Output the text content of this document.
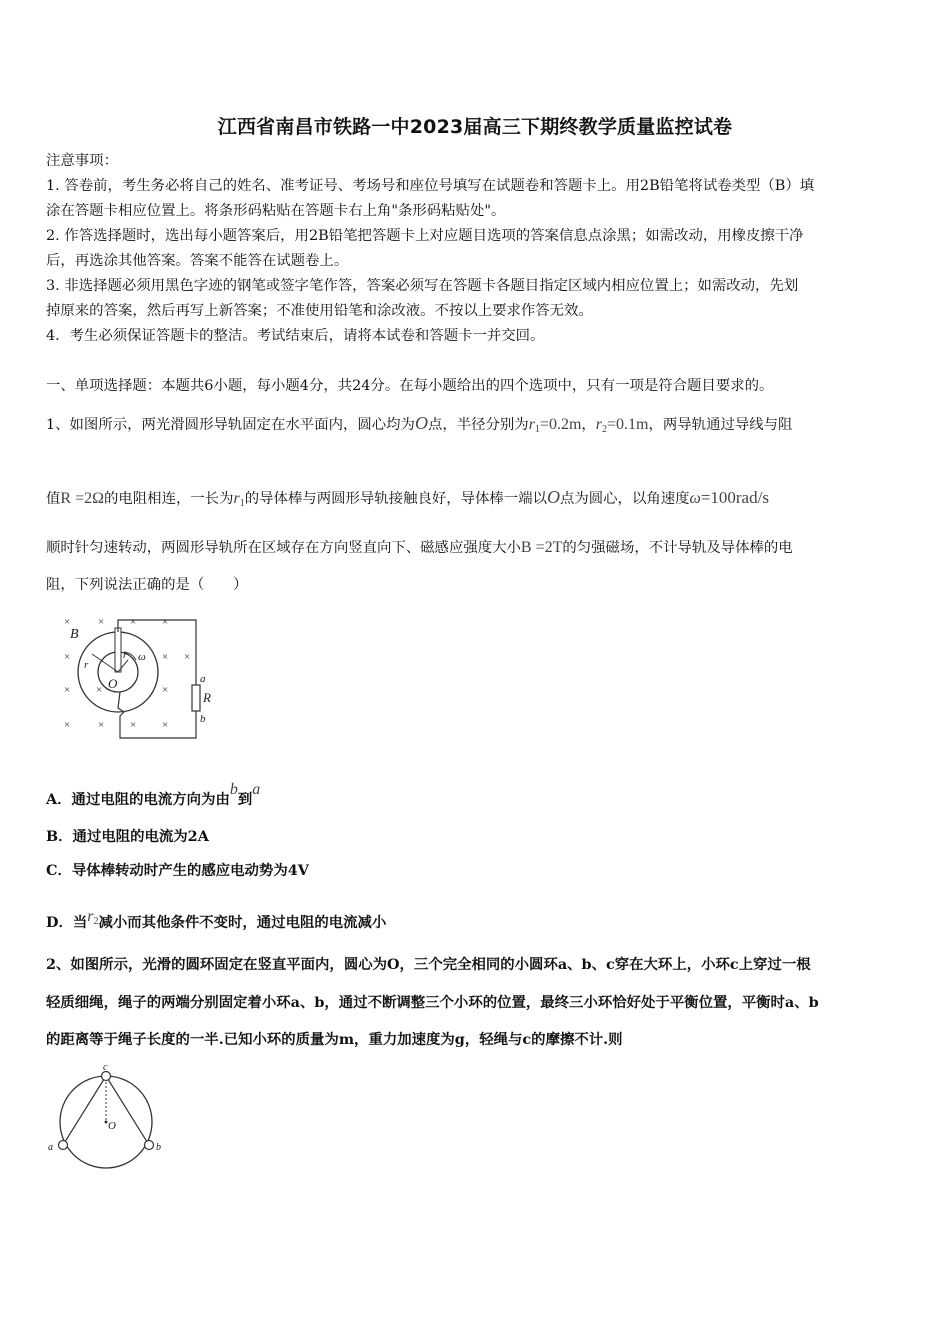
江西省南昌市铁路一中2023届高三下期终教学质量监控试卷
注意事项：
1. 答卷前，考生务必将自己的姓名、准考证号、考场号和座位号填写在试题卷和答题卡上。用2B铅笔将试卷类型（B）填
涂在答题卡相应位置上。将条形码粘贴在答题卡右上角"条形码粘贴处"。
2. 作答选择题时，选出每小题答案后，用2B铅笔把答题卡上对应题目选项的答案信息点涂黑；如需改动，用橡皮擦干净
后，再选涂其他答案。答案不能答在试题卷上。
3. 非选择题必须用黑色字迹的钢笔或签字笔作答，答案必须写在答题卡各题目指定区域内相应位置上；如需改动，先划
掉原来的答案，然后再写上新答案；不准使用铅笔和涂改液。不按以上要求作答无效。
4．考生必须保证答题卡的整洁。考试结束后，请将本试卷和答题卡一并交回。
一、单项选择题：本题共6小题，每小题4分，共24分。在每小题给出的四个选项中，只有一项是符合题目要求的。
1、如图所示，两光滑圆形导轨固定在水平面内，圆心均为O点，半径分别为$r_1=0.2m$，$r_2=0.1m$，两导轨通过导线与阻
值R =2Ω的电阻相连，一长为$r_1$的导体棒与两圆形导轨接触良好，导体棒一端以O点为圆心，以角速度ω=100rad/s
顺时针匀速转动，两圆形导轨所在区域存在方向竖直向下、磁感应强度大小B =2T的匀强磁场，不计导轨及导体棒的电
阻，下列说法正确的是（　　）
×	× × ×
×	× ×
× ×	×
×	× × ×
B
r
r ω
O	a
R
b
A．通过电阻的电流方向为由b到a
B．通过电阻的电流为2A
C．导体棒转动时产生的感应电动势为4V
D．当$r_2$减小而其他条件不变时，通过电阻的电流减小
2、如图所示，光滑的圆环固定在竖直平面内，圆心为O，三个完全相同的小圆环a、b、c穿在大环上，小环c上穿过一根
轻质细绳，绳子的两端分别固定着小环a、b，通过不断调整三个小环的位置，最终三小环恰好处于平衡位置，平衡时a、b
的距离等于绳子长度的一半.已知小环的质量为m，重力加速度为g，轻绳与c的摩擦不计.则
c
O
a	b
